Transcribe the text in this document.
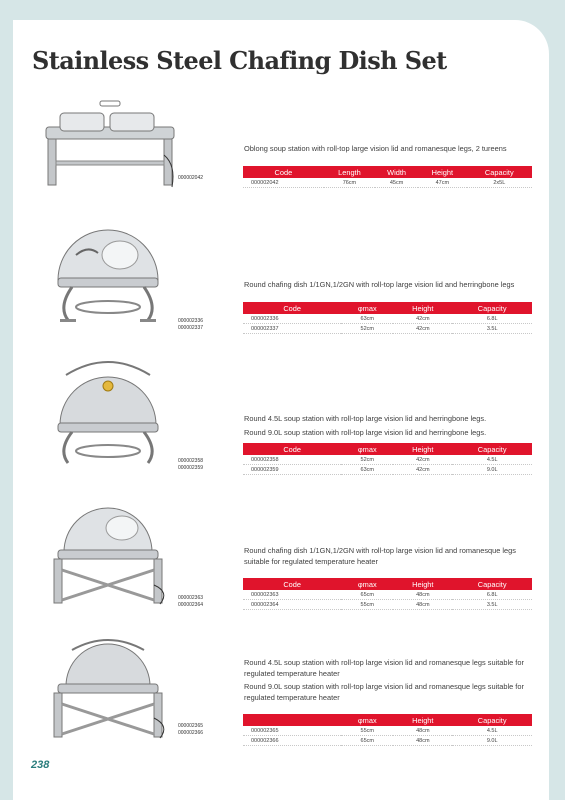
Stainless Steel Chafing Dish Set
000002042

Oblong soup station with roll-top large vision lid and romanesque legs, 2 tureens

Code	Length	Width	Height	Capacity
000002042	76cm	45cm	47cm	2x5L
000002336
000002337

Round chafing dish 1/1GN,1/2GN with roll-top large vision lid and herringbone legs

Code	φmax	Height	Capacity
000002336	63cm	42cm	6.8L
000002337	52cm	42cm	3.5L
000002358
000002359

Round 4.5L soup station with roll-top large vision lid and herringbone legs.

Round 9.0L soup station with roll-top large vision lid and herringbone legs.

Code	φmax	Height	Capacity
000002358	52cm	42cm	4.5L
000002359	63cm	42cm	9.0L
000002363
000002364

Round chafing dish 1/1GN,1/2GN with roll-top large vision lid and romanesque legs suitable for regulated temperature heater

Code	φmax	Height	Capacity
000002363	65cm	48cm	6.8L
000002364	55cm	48cm	3.5L
000002365
000002366

Round 4.5L soup station with roll-top large vision lid and romanesque legs suitable for regulated temperature heater

Round 9.0L soup station with roll-top large vision lid and romanesque legs suitable for regulated temperature heater

	φmax	Height	Capacity
000002365	55cm	48cm	4.5L
000002366	65cm	48cm	9.0L
238
